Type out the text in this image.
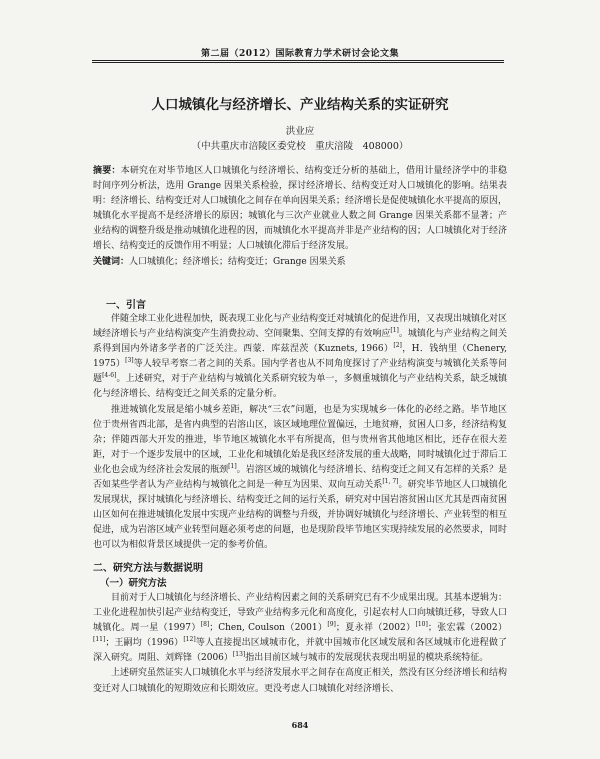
第二届（2012）国际教育力学术研讨会论文集
人口城镇化与经济增长、产业结构关系的实证研究
洪业应
（中共重庆市涪陵区委党校　重庆涪陵　408000）

摘要：本研究在对毕节地区人口城镇化与经济增长、结构变迁分析的基础上，借用计量经济学中的非稳时间序列分析法，选用 Grange 因果关系检验，探讨经济增长、结构变迁对人口城镇化的影响。结果表明：经济增长、结构变迁对人口城镇化之间存在单向因果关系；经济增长是促使城镇化水平提高的原因，城镇化水平提高不是经济增长的原因；城镇化与三次产业就业人数之间 Grange 因果关系都不显著；产业结构的调整升级是推动城镇化进程的因，而城镇化水平提高并非是产业结构的因；人口城镇化对于经济增长、结构变迁的反馈作用不明显；人口城镇化滞后于经济发展。

关键词：人口城镇化；经济增长；结构变迁；Grange 因果关系

一、引言

伴随全球工业化进程加快，既表现工业化与产业结构变迁对城镇化的促进作用，又表现出城镇化对区域经济增长与产业结构演变产生消费拉动、空间聚集、空间支撑的有效响应[1]。城镇化与产业结构之间关系得到国内外诸多学者的广泛关注。西蒙．库兹涅茨（Kuznets, 1966）[2]，H．钱纳里（Chenery, 1975）[3]等人较早考察二者之间的关系。国内学者也从不同角度探讨了产业结构演变与城镇化关系等问题[4-6]。上述研究，对于产业结构与城镇化关系研究较为单一，多侧重城镇化与产业结构关系，缺乏城镇化与经济增长、结构变迁之间关系的定量分析。

推进城镇化发展是缩小城乡差距，解决“三农”问题，也是为实现城乡一体化的必经之路。毕节地区位于贵州省西北部，是省内典型的岩溶山区，该区域地理位置偏远，土地贫瘠，贫困人口多，经济结构复杂；伴随西部大开发的推进，毕节地区城镇化水平有所提高，但与贵州省其他地区相比，还存在很大差距，对于一个逐步发展中的区域，工业化和城镇化始是我区经济发展的重大战略，同时城镇化过于滞后工业化也会成为经济社会发展的瓶颈[1]。岩溶区域的城镇化与经济增长、结构变迁之间又有怎样的关系？是否如某些学者认为产业结构与城镇化之间是一种互为因果、双向互动关系[1, 7]。研究毕节地区人口城镇化发展现状，探讨城镇化与经济增长、结构变迁之间的运行关系，研究对中国岩溶贫困山区尤其是西南贫困山区如何在推进城镇化发展中实现产业结构的调整与升级，并协调好城镇化与经济增长、产业转型的相互促进，成为岩溶区域产业转型问题必须考虑的问题，也是现阶段毕节地区实现持续发展的必然要求，同时也可以为相似背景区域提供一定的参考价值。

二、研究方法与数据说明
（一）研究方法

目前对于人口城镇化与经济增长、产业结构因素之间的关系研究已有不少成果出现。其基本逻辑为：工业化进程加快引起产业结构变迁，导致产业结构多元化和高度化，引起农村人口向城镇迁移，导致人口城镇化。周一星（1997）[8]；Chen, Coulson（2001）[9]；夏永祥（2002）[10]；张宏霖（2002）[11]；王嗣均（1996）[12]等人直接提出区域城市化，并就中国城市化区域发展和各区域城市化进程做了深入研究。周阻、刘辉锋（2006）[13]指出目前区域与城市的发展现状表现出明显的模块系统特征。

上述研究虽然证实人口城镇化水平与经济发展水平之间存在高度正相关，然没有区分经济增长和结构变迁对人口城镇化的短期效应和长期效应。更没考虑人口城镇化对经济增长、

684
